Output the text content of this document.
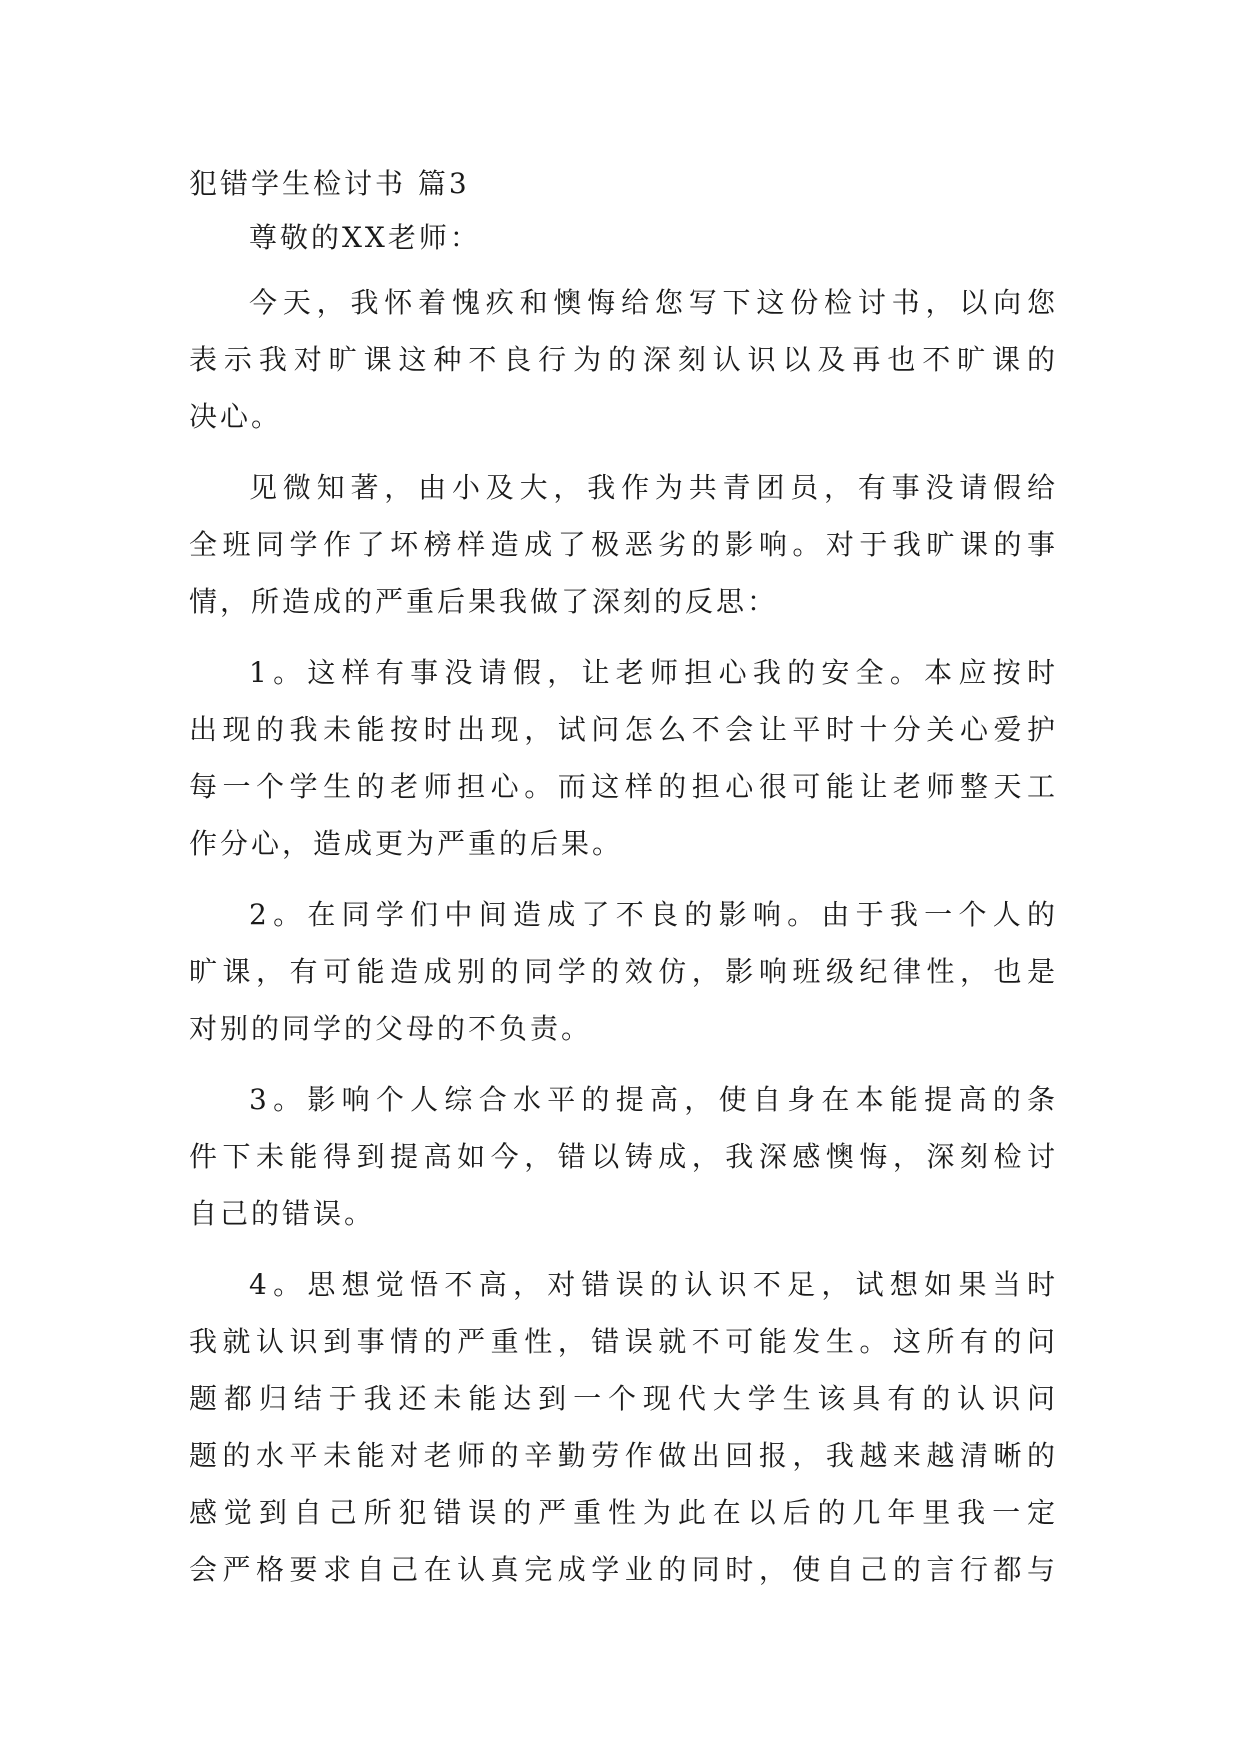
犯错学生检讨书 篇3
尊敬的XX老师：
今天，我怀着愧疚和懊悔给您写下这份检讨书，以向您
表示我对旷课这种不良行为的深刻认识以及再也不旷课的
决心。
见微知著，由小及大，我作为共青团员，有事没请假给
全班同学作了坏榜样造成了极恶劣的影响。对于我旷课的事
情，所造成的严重后果我做了深刻的反思：
1。这样有事没请假，让老师担心我的安全。本应按时
出现的我未能按时出现，试问怎么不会让平时十分关心爱护
每一个学生的老师担心。而这样的担心很可能让老师整天工
作分心，造成更为严重的后果。
2。在同学们中间造成了不良的影响。由于我一个人的
旷课，有可能造成别的同学的效仿，影响班级纪律性，也是
对别的同学的父母的不负责。
3。影响个人综合水平的提高，使自身在本能提高的条
件下未能得到提高如今，错以铸成，我深感懊悔，深刻检讨
自己的错误。
4。思想觉悟不高，对错误的认识不足，试想如果当时
我就认识到事情的严重性，错误就不可能发生。这所有的问
题都归结于我还未能达到一个现代大学生该具有的认识问
题的水平未能对老师的辛勤劳作做出回报，我越来越清晰的
感觉到自己所犯错误的严重性为此在以后的几年里我一定
会严格要求自己在认真完成学业的同时，使自己的言行都与
